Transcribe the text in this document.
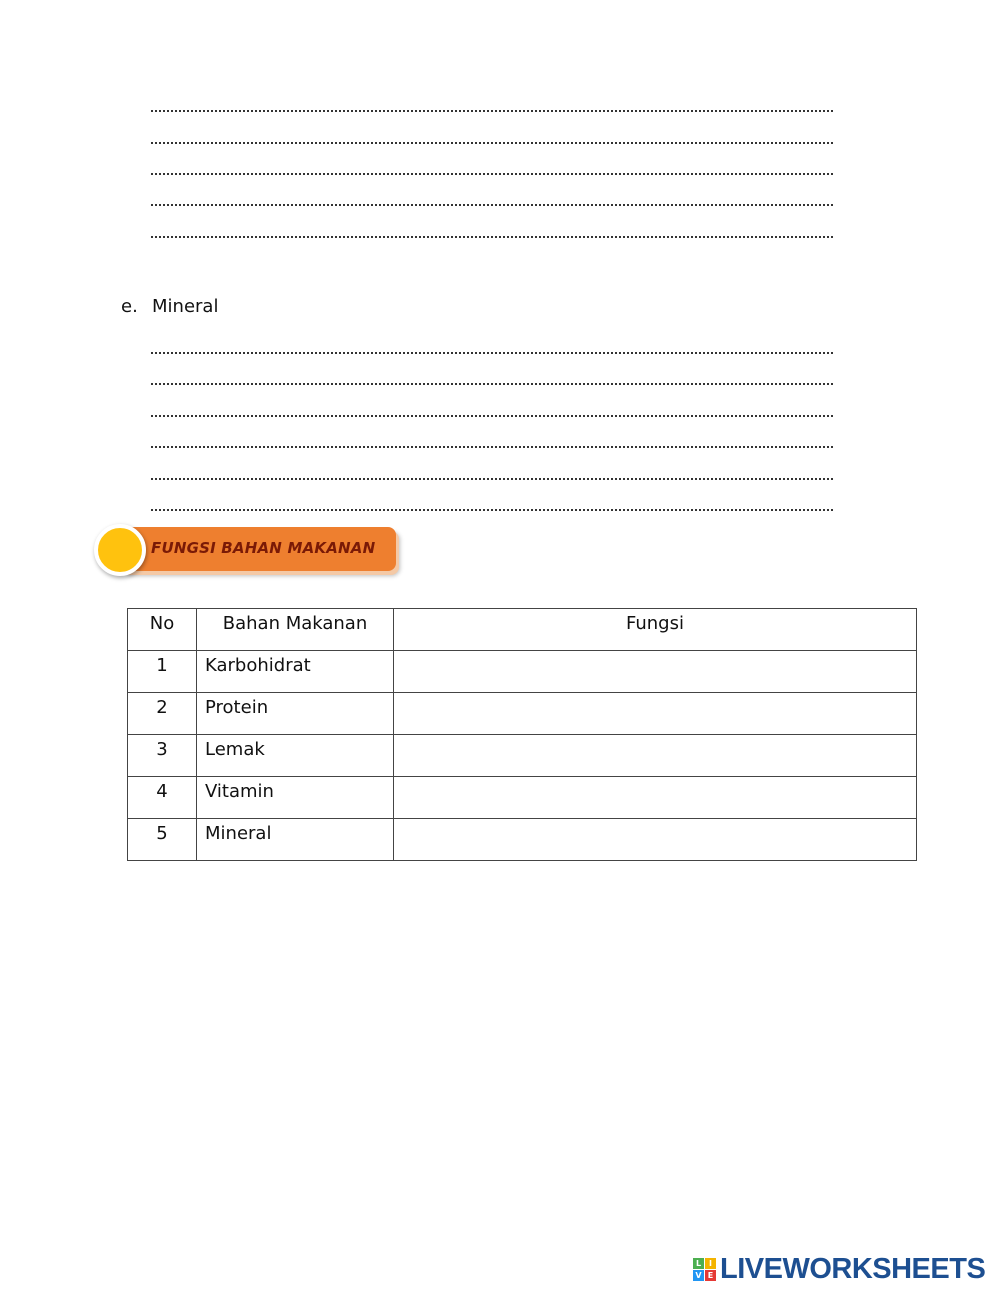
e. Mineral
FUNGSI BAHAN MAKANAN
No	Bahan Makanan	Fungsi
1	Karbohidrat	
2	Protein	
3	Lemak	
4	Vitamin	
5	Mineral	
L I
V E LIVEWORKSHEETS
